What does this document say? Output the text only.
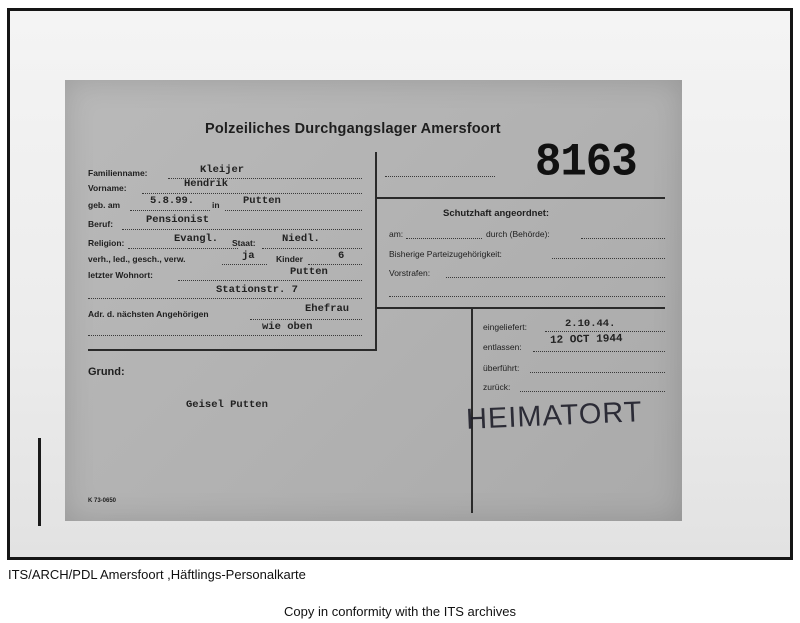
Polzeiliches Durchgangslager Amersfoort
8163
Familienname:	Kleijer
Vorname:	Hendrik
geb. am	5.8.99. in Putten
Beruf:	Pensionist
Religion:	Evangl. Staat:	Niedl.
verh., led., gesch., verw.	ja	Kinder	6
letzter Wohnort:	Putten
Stationstr. 7
Adr. d. nächsten Angehörigen	Ehefrau
wie oben
Schutzhaft angeordnet:
am:	durch (Behörde):
Bisherige Parteizugehörigkeit:
Vorstrafen:
eingeliefert:	2.10.44.
entlassen:
12 OCT 1944
überführt:
zurück:
HEIMATORT
Grund:
Geisel Putten
K 73-0650
ITS/ARCH/PDL Amersfoort ,Häftlings-Personalkarte
Copy in conformity with the ITS archives
